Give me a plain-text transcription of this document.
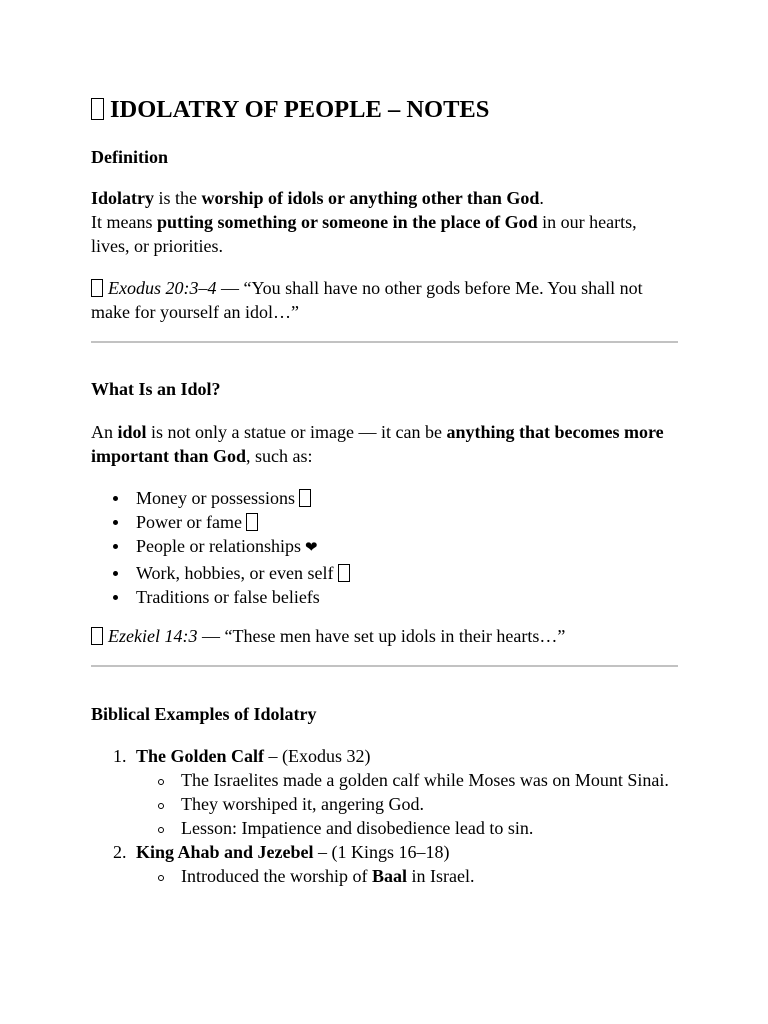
IDOLATRY OF PEOPLE – NOTES
Definition

Idolatry is the worship of idols or anything other than God.
It means putting something or someone in the place of God in our hearts, lives, or priorities.

Exodus 20:3–4 — “You shall have no other gods before Me. You shall not make for yourself an idol…”

What Is an Idol?

An idol is not only a statue or image — it can be anything that becomes more important than God, such as:

Money or possessions
Power or fame
People or relationships ❤
Work, hobbies, or even self
Traditions or false beliefs

Ezekiel 14:3 — “These men have set up idols in their hearts…”

Biblical Examples of Idolatry
1. The Golden Calf – (Exodus 32)
The Israelites made a golden calf while Moses was on Mount Sinai.
They worshiped it, angering God.
Lesson: Impatience and disobedience lead to sin.
2. King Ahab and Jezebel – (1 Kings 16–18)
Introduced the worship of Baal in Israel.
